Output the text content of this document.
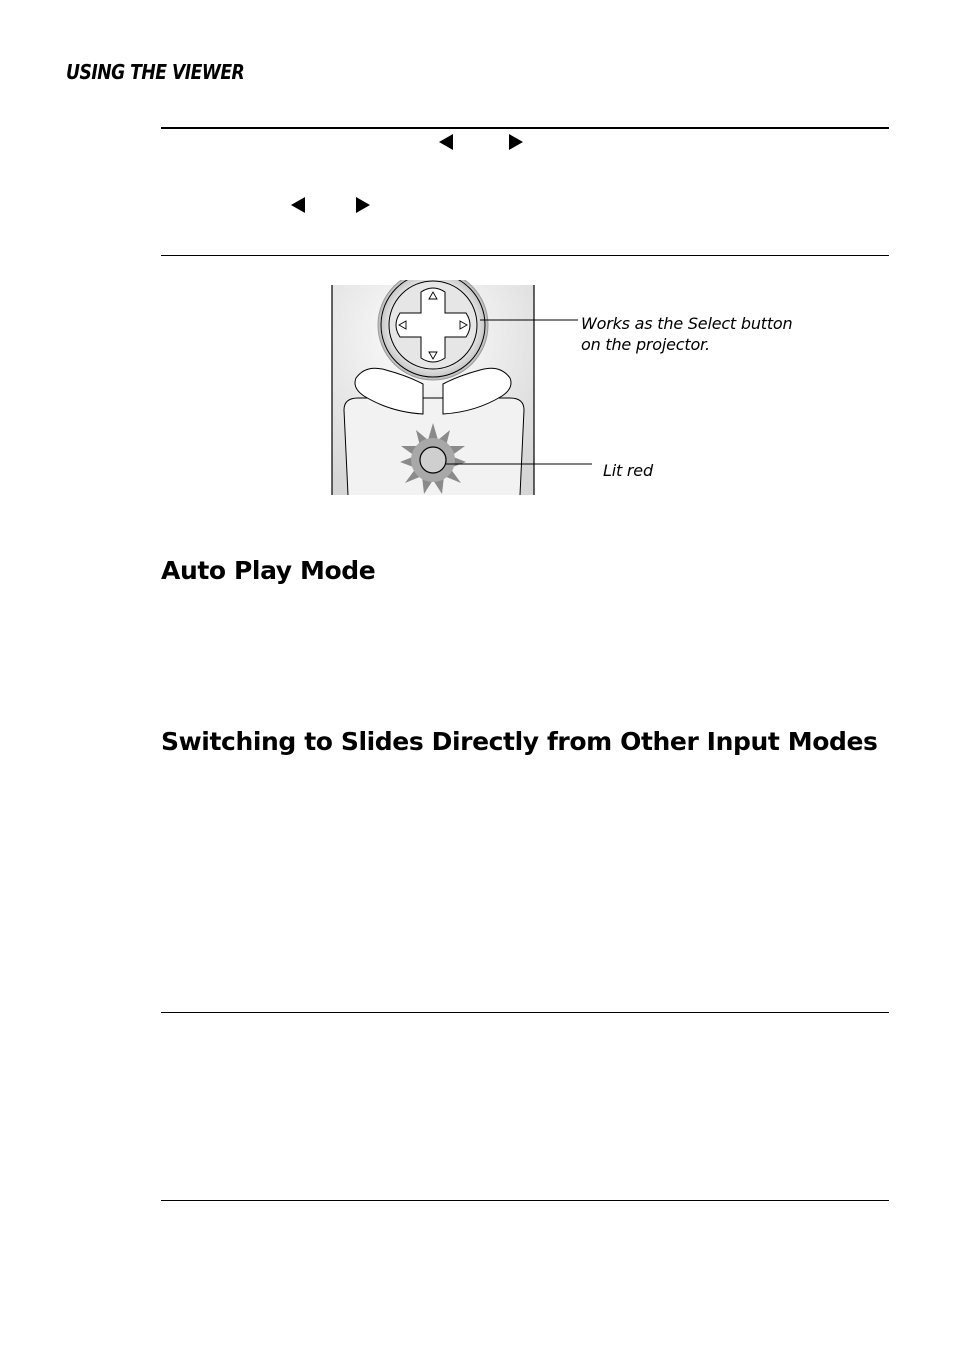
USING THE VIEWER
Works as the Select button
on the projector.
Lit red
Auto Play Mode
Switching to Slides Directly from Other Input Modes
